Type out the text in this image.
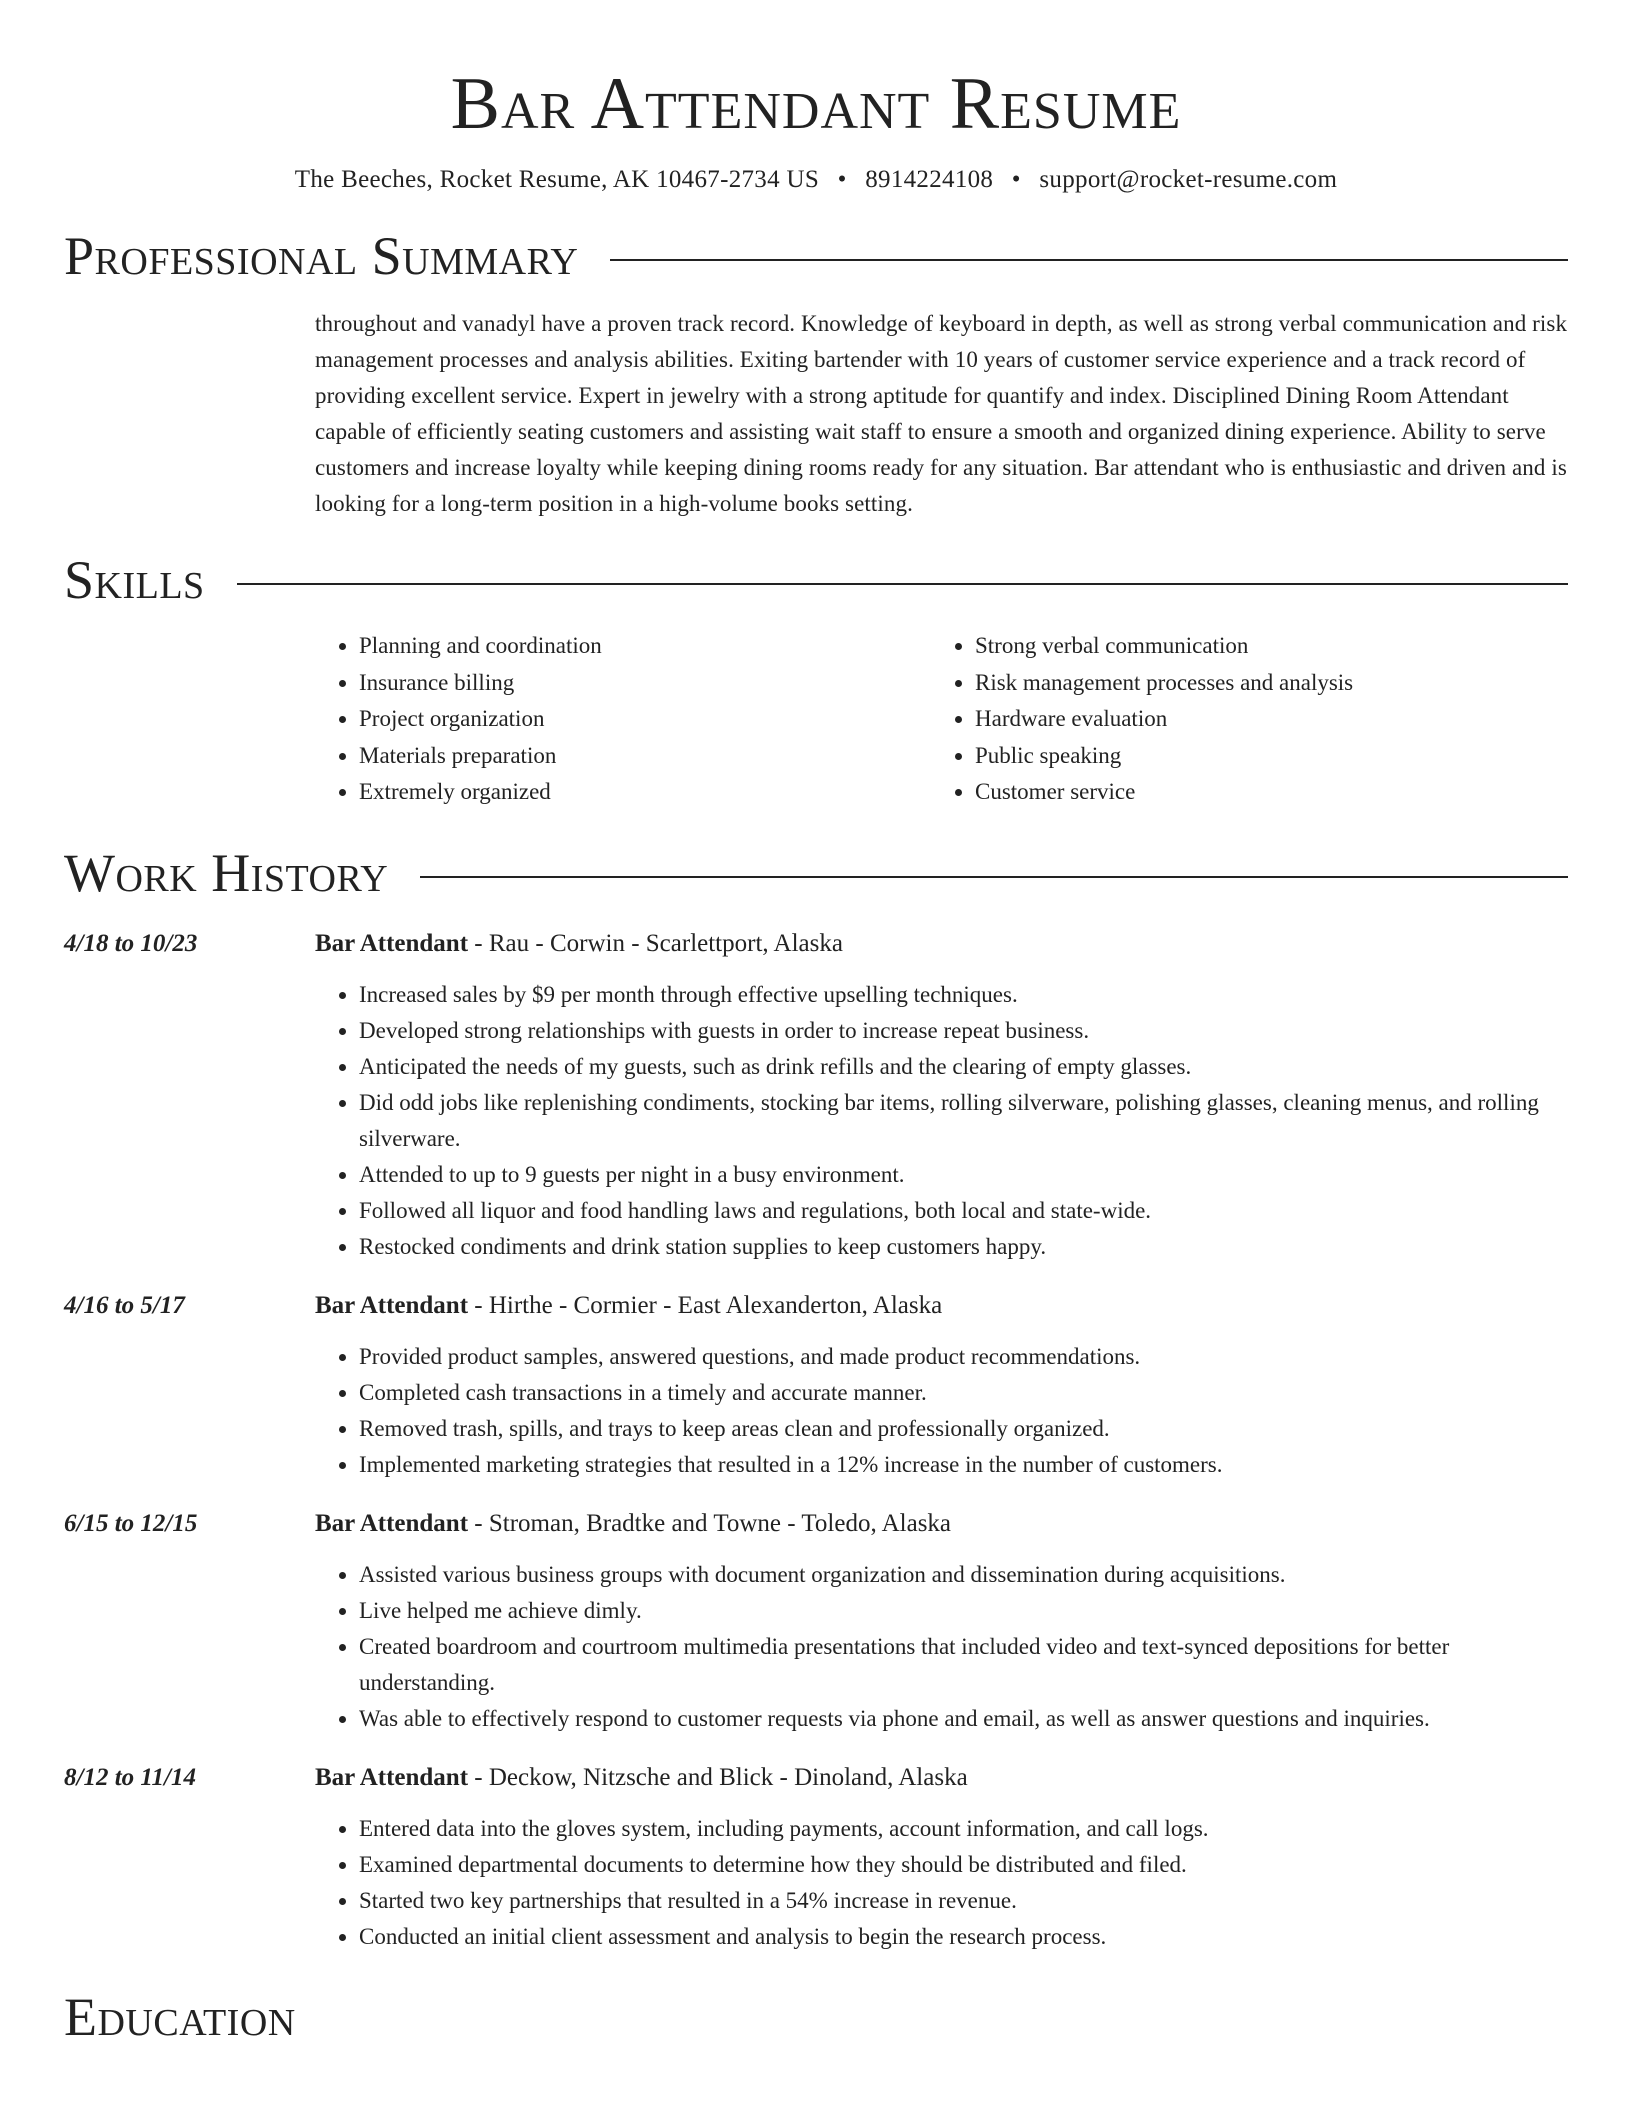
Bar Attendant Resume
The Beeches, Rocket Resume, AK 10467-2734 US • 8914224108 • support@rocket-resume.com
Professional Summary
throughout and vanadyl have a proven track record. Knowledge of keyboard in depth, as well as strong verbal communication and risk management processes and analysis abilities. Exiting bartender with 10 years of customer service experience and a track record of providing excellent service. Expert in jewelry with a strong aptitude for quantify and index. Disciplined Dining Room Attendant capable of efficiently seating customers and assisting wait staff to ensure a smooth and organized dining experience. Ability to serve customers and increase loyalty while keeping dining rooms ready for any situation. Bar attendant who is enthusiastic and driven and is looking for a long-term position in a high-volume books setting.
Skills
• Planning and coordination
• Insurance billing
• Project organization
• Materials preparation
• Extremely organized
• Strong verbal communication
• Risk management processes and analysis
• Hardware evaluation
• Public speaking
• Customer service
Work History
4/18 to 10/23	Bar Attendant - Rau - Corwin - Scarlettport, Alaska
• Increased sales by $9 per month through effective upselling techniques.
• Developed strong relationships with guests in order to increase repeat business.
• Anticipated the needs of my guests, such as drink refills and the clearing of empty glasses.
• Did odd jobs like replenishing condiments, stocking bar items, rolling silverware, polishing glasses, cleaning menus, and rolling silverware.
• Attended to up to 9 guests per night in a busy environment.
• Followed all liquor and food handling laws and regulations, both local and state-wide.
• Restocked condiments and drink station supplies to keep customers happy.
4/16 to 5/17	Bar Attendant - Hirthe - Cormier - East Alexanderton, Alaska
• Provided product samples, answered questions, and made product recommendations.
• Completed cash transactions in a timely and accurate manner.
• Removed trash, spills, and trays to keep areas clean and professionally organized.
• Implemented marketing strategies that resulted in a 12% increase in the number of customers.
6/15 to 12/15	Bar Attendant - Stroman, Bradtke and Towne - Toledo, Alaska
• Assisted various business groups with document organization and dissemination during acquisitions.
• Live helped me achieve dimly.
• Created boardroom and courtroom multimedia presentations that included video and text-synced depositions for better understanding.
• Was able to effectively respond to customer requests via phone and email, as well as answer questions and inquiries.
8/12 to 11/14	Bar Attendant - Deckow, Nitzsche and Blick - Dinoland, Alaska
• Entered data into the gloves system, including payments, account information, and call logs.
• Examined departmental documents to determine how they should be distributed and filed.
• Started two key partnerships that resulted in a 54% increase in revenue.
• Conducted an initial client assessment and analysis to begin the research process.
Education
